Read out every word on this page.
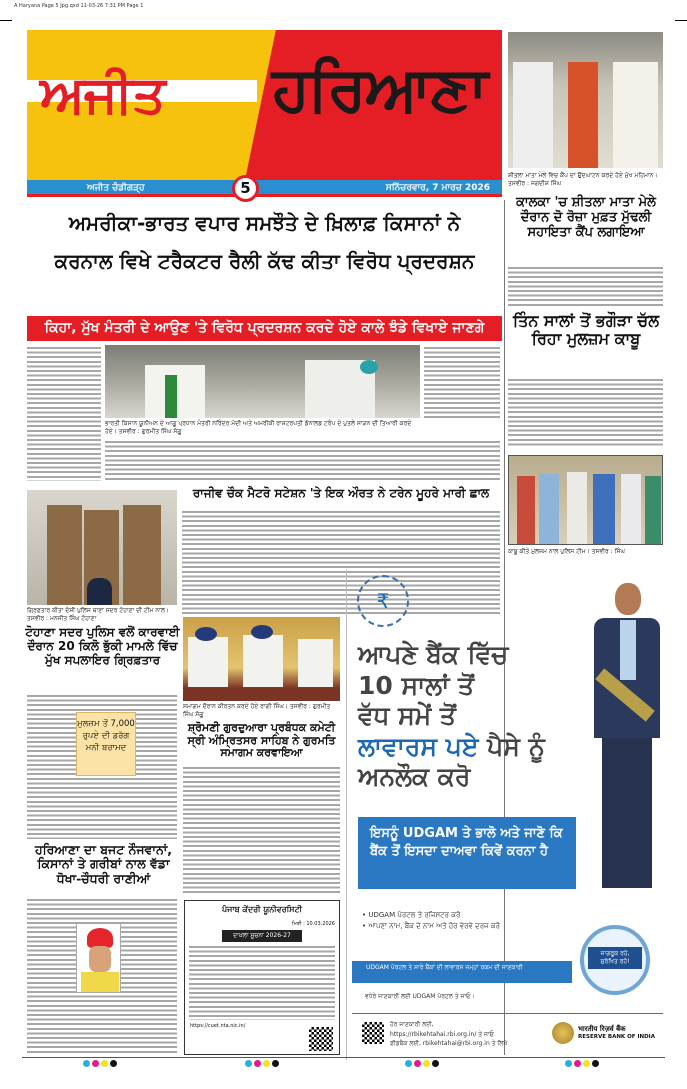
A Haryana Page 5 Jpg.qxd 11-03-26 7:31 PM Page 1
ਅਜੀਤ ਹਰਿਆਣਾ
ਅਜੀਤ ਚੰਡੀਗੜ੍ਹ	ਸਨਿੱਚਰਵਾਰ, 7 ਮਾਰਚ 2026
5
ਸ਼ੀਤਲਾ ਮਾਤਾ ਮੇਲੇ ਵਿਚ ਕੈਂਪ ਦਾ ਉਦਘਾਟਨ ਕਰਦੇ ਹੋਏ ਮੁੱਖ ਮਹਿਮਾਨ। ਤਸਵੀਰ : ਜਗਦੀਸ਼ ਸਿੰਘ
ਕਾਲਕਾ 'ਚ ਸ਼ੀਤਲਾ ਮਾਤਾ ਮੇਲੇ ਦੌਰਾਨ ਦੋ ਰੋਜ਼ਾ ਮੁਫ਼ਤ ਮੁੱਢਲੀ ਸਹਾਇਤਾ ਕੈਂਪ ਲਗਾਇਆ
ਅਮਰੀਕਾ-ਭਾਰਤ ਵਪਾਰ ਸਮਝੌਤੇ ਦੇ ਖ਼ਿਲਾਫ਼ ਕਿਸਾਨਾਂ ਨੇ
ਕਰਨਾਲ ਵਿਖੇ ਟਰੈਕਟਰ ਰੈਲੀ ਕੱਢ ਕੀਤਾ ਵਿਰੋਧ ਪ੍ਰਦਰਸ਼ਨ
ਕਿਹਾ, ਮੁੱਖ ਮੰਤਰੀ ਦੇ ਆਉਣ 'ਤੇ ਵਿਰੋਧ ਪ੍ਰਦਰਸ਼ਨ ਕਰਦੇ ਹੋਏ ਕਾਲੇ ਝੰਡੇ ਵਿਖਾਏ ਜਾਣਗੇ
ਭਾਰਤੀ ਕਿਸਾਨ ਯੂਨੀਅਨ ਦੇ ਆਗੂ ਪ੍ਰਧਾਨ ਮੰਤਰੀ ਨਰਿੰਦਰ ਮੋਦੀ ਅਤੇ ਅਮਰੀਕੀ ਰਾਸ਼ਟਰਪਤੀ ਡੋਨਾਲਡ ਟਰੰਪ ਦੇ ਪੁਤਲੇ ਸਾੜਨ ਦੀ ਤਿਆਰੀ ਕਰਦੇ ਹੋਏ। ਤਸਵੀਰ : ਗੁਰਮੀਤ ਸਿੰਘ ਸੱਗੂ
ਤਿੰਨ ਸਾਲਾਂ ਤੋਂ ਭਗੌੜਾ ਚੱਲ ਰਿਹਾ ਮੁਲਜ਼ਮ ਕਾਬੂ
ਕਾਬੂ ਕੀਤੇ ਮੁਲਜ਼ਮ ਨਾਲ ਪੁਲਿਸ ਟੀਮ। ਤਸਵੀਰ : ਸਿੰਘ
ਰਾਜੀਵ ਚੌਕ ਮੈਟਰੋ ਸਟੇਸ਼ਨ 'ਤੇ ਇਕ ਔਰਤ ਨੇ ਟਰੇਨ ਮੂਹਰੇ ਮਾਰੀ ਛਾਲ
ਗ੍ਰਿਫ਼ਤਾਰ ਕੀਤਾ ਦੋਸ਼ੀ ਪੁਲਿਸ ਥਾਣਾ ਸਦਰ ਟੋਹਾਣਾ ਦੀ ਟੀਮ ਨਾਲ। ਤਸਵੀਰ : ਮਨਜੀਤ ਸਿੰਘ ਟੋਹਾਣਾ
ਟੋਹਾਣਾ ਸਦਰ ਪੁਲਿਸ ਵਲੋਂ ਕਾਰਵਾਈ ਦੌਰਾਨ 20 ਕਿਲੋ ਭੁੱਕੀ ਮਾਮਲੇ ਵਿੱਚ ਮੁੱਖ ਸਪਲਾਇਰ ਗ੍ਰਿਫ਼ਤਾਰ
ਮੁਲਜ਼ਮ ਤੋਂ 7,000 ਰੁਪਏ ਦੀ ਡਰੱਗ ਮਨੀ ਬਰਾਮਦ
ਸਮਾਗਮ ਦੌਰਾਨ ਕੀਰਤਨ ਕਰਦੇ ਹੋਏ ਰਾਗੀ ਸਿੰਘ। ਤਸਵੀਰ : ਗੁਰਮੀਤ ਸਿੰਘ ਸੱਗੂ
ਸ਼੍ਰੋਮਣੀ ਗੁਰਦੁਆਰਾ ਪ੍ਰਬੰਧਕ ਕਮੇਟੀ ਸ੍ਰੀ ਅੰਮ੍ਰਿਤਸਰ ਸਾਹਿਬ ਨੇ ਗੁਰਮਤਿ ਸਮਾਗਮ ਕਰਵਾਇਆ
ਹਰਿਆਣਾ ਦਾ ਬਜਟ ਨੌਜਵਾਨਾਂ, ਕਿਸਾਨਾਂ ਤੇ ਗਰੀਬਾਂ ਨਾਲ ਵੱਡਾ ਧੋਖਾ-ਚੌਧਰੀ ਰਾਣੀਆਂ
ਪੰਜਾਬ ਕੇਂਦਰੀ ਯੂਨੀਵਰਸਿਟੀ
ਮਿਤੀ : 10.03.2026
ਦਾਖ਼ਲਾ ਸੂਚਨਾ 2026-27
https://cuet.nta.nic.in/
₹
ਆਪਣੇ ਬੈਂਕ ਵਿੱਚ
10 ਸਾਲਾਂ ਤੋਂ
ਵੱਧ ਸਮੇਂ ਤੋਂ
ਲਾਵਾਰਸ ਪਏ ਪੈਸੇ ਨੂੰ
ਅਨਲੌਕ ਕਰੋ
ਇਸਨੂੰ UDGAM ਤੇ ਭਾਲੋ ਅਤੇ ਜਾਣੋ ਕਿ ਬੈਂਕ ਤੋਂ ਇਸਦਾ ਦਾਅਵਾ ਕਿਵੇਂ ਕਰਨਾ ਹੈ
• UDGAM ਪੋਰਟਲ ਤੇ ਰਜਿਸਟਰ ਕਰੋ
• ਆਪਣਾ ਨਾਮ, ਬੈਂਕ ਦੇ ਨਾਮ ਅਤੇ ਹੋਰ ਵੇਰਵੇ ਦਰਜ ਕਰੋ
UDGAM ਪੋਰਟਲ ਤੇ ਸਾਰੇ ਬੈਂਕਾਂ ਦੀ ਲਾਵਾਰਸ ਜਮ੍ਹਾਂ ਰਕਮ ਦੀ ਜਾਣਕਾਰੀ
ਜਾਗਰੂਕ ਰਹੋ, ਸੁਰੱਖਿਤ ਰਹੋ!
ਵਧੇਰੇ ਜਾਣਕਾਰੀ ਲਈ UDGAM ਪੋਰਟਲ ਤੇ ਜਾਓ।
ਹੋਰ ਜਾਣਕਾਰੀ ਲਈ,
https://rbikehtahai.rbi.org.in/ ਤੇ ਜਾਓ
ਫੀਡਬੈਕ ਲਈ, rbikehtahai@rbi.org.in ਤੇ ਲਿਖੋ
भारतीय रिज़र्व बैंक
RESERVE BANK OF INDIA
